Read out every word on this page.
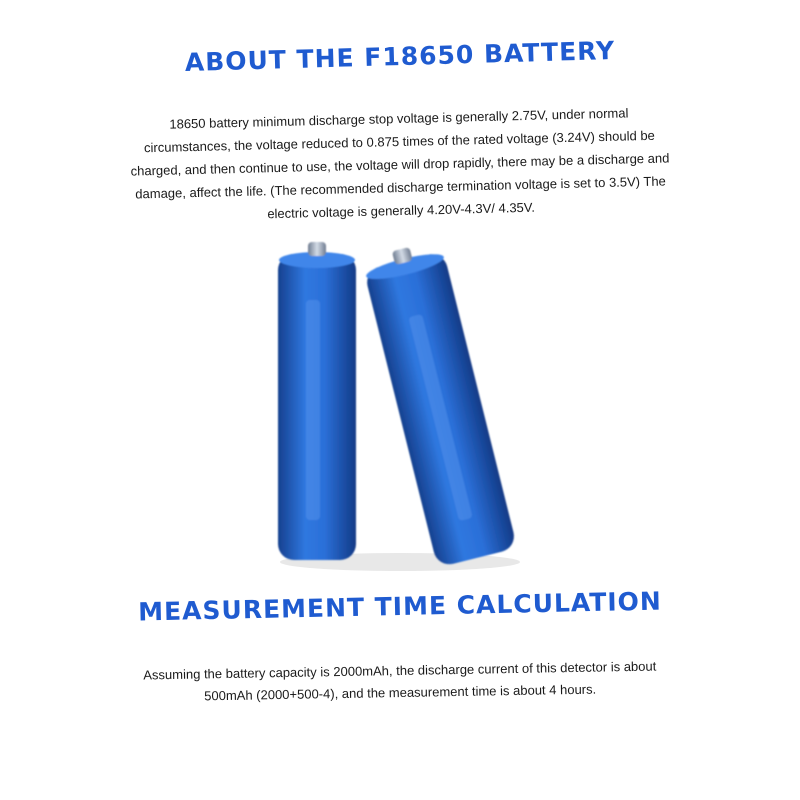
ABOUT THE F18650 BATTERY

18650 battery minimum discharge stop voltage is generally 2.75V, under normal

circumstances, the voltage reduced to 0.875 times of the rated voltage (3.24V) should be

charged, and then continue to use, the voltage will drop rapidly, there may be a discharge and

damage, affect the life. (The recommended discharge termination voltage is set to 3.5V) The

electric voltage is generally 4.20V-4.3V/ 4.35V.

MEASUREMENT TIME CALCULATION

Assuming the battery capacity is 2000mAh, the discharge current of this detector is about

500mAh (2000+500-4), and the measurement time is about 4 hours.
